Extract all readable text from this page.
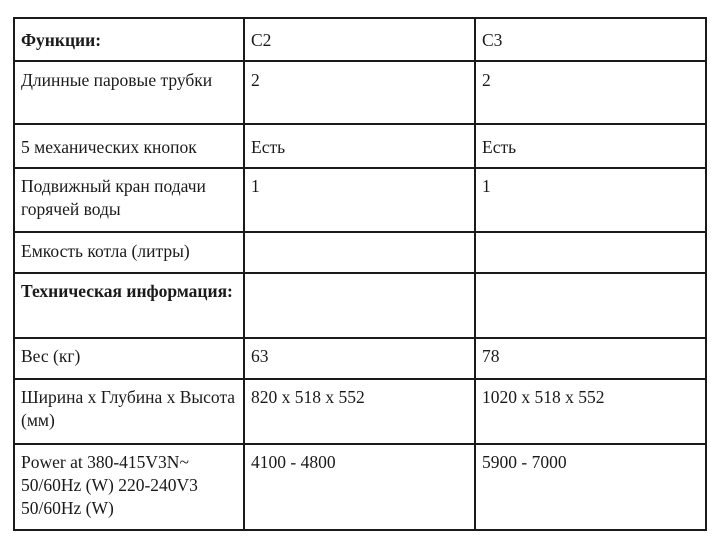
Функции:	C2	C3
Длинные паровые трубки	2	2
5 механических кнопок	Есть	Есть
Подвижный кран подачи горячей воды	1	1
Емкость котла (литры)		
Техническая информация:		
Вес (кг)	63	78
Ширина x Глубина x Высота (мм)	820 x 518 x 552	1020 x 518 x 552
Power at 380-415V3N~ 50/60Hz (W) 220-240V3 50/60Hz (W)	4100 - 4800	5900 - 7000
